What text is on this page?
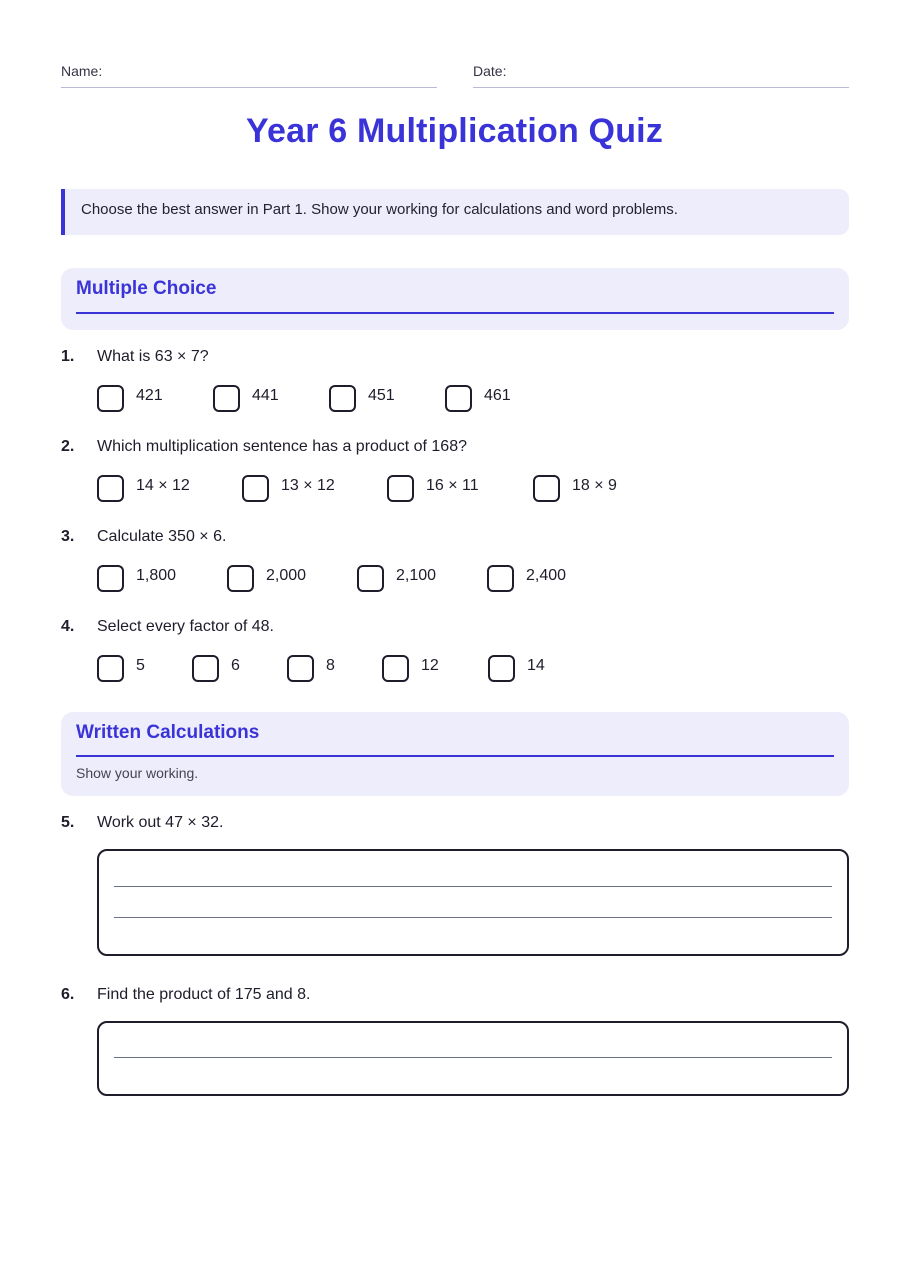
Name:	Date:
Year 6 Multiplication Quiz
Choose the best answer in Part 1. Show your working for calculations and word problems.
Multiple Choice
1. What is 63 × 7?
421	441	451	461
2. Which multiplication sentence has a product of 168?
14 × 12	13 × 12	16 × 11	18 × 9
3. Calculate 350 × 6.
1,800	2,000	2,100	2,400
4. Select every factor of 48.
5	6	8	12	14
Written Calculations
Show your working.
5. Work out 47 × 32.
6. Find the product of 175 and 8.
